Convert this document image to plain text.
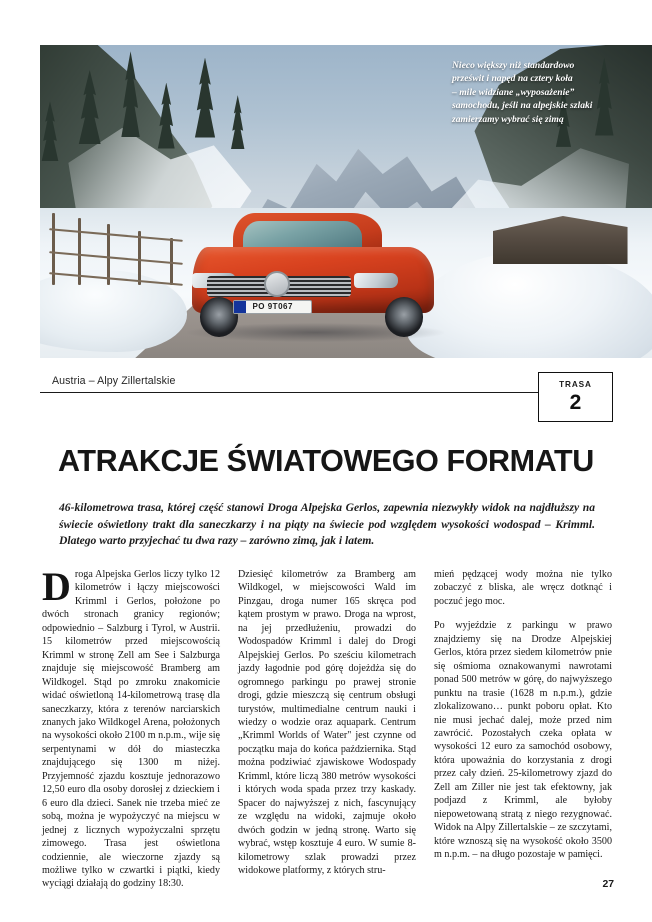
PO 9T067
Nieco większy niż standardowo
prześwit i napęd na cztery koła
– mile widziane „wyposażenie”
samochodu, jeśli na alpejskie szlaki
zamierzamy wybrać się zimą
Austria – Alpy Zillertalskie	TRASA
2
ATRAKCJE ŚWIATOWEGO FORMATU
46-kilometrowa trasa, której część stanowi Droga Alpejska Gerlos, zapewnia niezwykły widok na najdłuższy na świecie oświetlony trakt dla saneczkarzy i na piąty na świecie pod względem wysokości wodospad – Krimml. Dlatego warto przyjechać tu dwa razy – zarówno zimą, jak i latem.

Droga Alpejska Gerlos liczy tylko 12 kilometrów i łączy miejscowości Krimml i Gerlos, położone po dwóch stronach granicy regionów; odpowiednio – Salzburg i Tyrol, w Austrii. 15 kilometrów przed miejscowością Krimml w stronę Zell am See i Salzburga znajduje się miejscowość Bramberg am Wildkogel. Stąd po zmroku znakomicie widać oświetloną 14-kilometrową trasę dla saneczkarzy, która z terenów narciarskich znanych jako Wildkogel Arena, położonych na wysokości około 2100 m n.p.m., wije się serpentynami w dół do miasteczka znajdującego się 1300 m niżej. Przyjemność zjazdu kosztuje jednorazowo 12,50 euro dla osoby dorosłej z dzieckiem i 6 euro dla dzieci. Sanek nie trzeba mieć ze sobą, można je wypożyczyć na miejscu w jednej z licznych wypożyczalni sprzętu zimowego. Trasa jest oświetlona codziennie, ale wieczorne zjazdy są możliwe tylko w czwartki i piątki, kiedy wyciągi działają do godziny 18:30.

Dziesięć kilometrów za Bramberg am Wildkogel, w miejscowości Wald im Pinzgau, droga numer 165 skręca pod kątem prostym w prawo. Droga na wprost, na jej przedłużeniu, prowadzi do Wodospadów Krimml i dalej do Drogi Alpejskiej Gerlos. Po sześciu kilometrach jazdy łagodnie pod górę dojeżdża się do ogromnego parkingu po prawej stronie drogi, gdzie mieszczą się centrum obsługi turystów, multimedialne centrum nauki i wiedzy o wodzie oraz aquapark. Centrum „Krimml Worlds of Water" jest czynne od początku maja do końca października. Stąd można podziwiać zjawiskowe Wodospady Krimml, które liczą 380 metrów wysokości i których woda spada przez trzy kaskady. Spacer do najwyższej z nich, fascynujący ze względu na widoki, zajmuje około dwóch godzin w jedną stronę. Warto się wybrać, wstęp kosztuje 4 euro. W sumie 8-kilometrowy szlak prowadzi przez widokowe platformy, z których stru-

mień pędzącej wody można nie tylko zobaczyć z bliska, ale wręcz dotknąć i poczuć jego moc.

Po wyjeździe z parkingu w prawo znajdziemy się na Drodze Alpejskiej Gerlos, która przez siedem kilometrów pnie się ośmioma oznakowanymi nawrotami ponad 500 metrów w górę, do najwyższego punktu na trasie (1628 m n.p.m.), gdzie zlokalizowano… punkt poboru opłat. Kto nie musi jechać dalej, może przed nim zawrócić. Pozostałych czeka opłata w wysokości 12 euro za samochód osobowy, która upoważnia do korzystania z drogi przez cały dzień. 25-kilometrowy zjazd do Zell am Ziller nie jest tak efektowny, jak podjazd z Krimml, ale byłoby niepowetowaną stratą z niego rezygnować. Widok na Alpy Zillertalskie – ze szczytami, które wznoszą się na wysokość około 3500 m n.p.m. – na długo pozostaje w pamięci.

27
